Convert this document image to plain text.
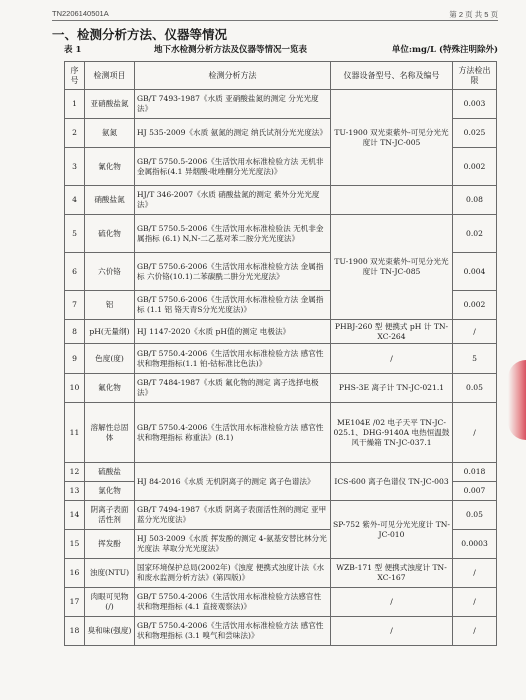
TN2206140501A	第 2 页 共 5 页
一、检测分析方法、仪器等情况
表 1	地下水检测分析方法及仪器等情况一览表	单位:mg/L (特殊注明除外)
序号	检测项目	检测分析方法	仪器设备型号、名称及编号	方法检出限
1	亚硝酸盐氮	GB/T 7493-1987《水质 亚硝酸盐氮的测定 分光光度法》	TU-1900 双光束紫外-可见分光光度计 TN-JC-005	0.003
2	氨氮	HJ 535-2009《水质 氨氮的测定 纳氏试剂分光光度法》		0.025
3	氰化物	GB/T 5750.5-2006《生活饮用水标准检验方法 无机非金属指标(4.1 异烟酸-吡唑酮分光光度法)》		0.002
4	硝酸盐氮	HJ/T 346-2007《水质 硝酸盐氮的测定 紫外分光光度法》		0.08
5	硫化物	GB/T 5750.5-2006《生活饮用水标准检验法 无机非金属指标 (6.1) N,N-二乙基对苯二胺分光光度法》	TU-1900 双光束紫外-可见分光光度计 TN-JC-085	0.02
6	六价铬	GB/T 5750.6-2006《生活饮用水标准检验方法 金属指标 六价铬(10.1)二苯碳酰二肼分光光度法》		0.004
7	铝	GB/T 5750.6-2006《生活饮用水标准检验方法 金属指标 (1.1 铝 铬天青S分光光度法)》		0.002
8	pH(无量纲)	HJ 1147-2020《水质 pH值的测定 电极法》	PHBJ-260 型 便携式 pH 计 TN-XC-264	/
9	色度(度)	GB/T 5750.4-2006《生活饮用水标准检验方法 感官性状和物理指标(1.1 铂-钴标准比色法)》	/	5
10	氟化物	GB/T 7484-1987《水质 氟化物的测定 离子选择电极法》	PHS-3E 离子计 TN-JC-021.1	0.05
11	溶解性总固体	GB/T 5750.4-2006《生活饮用水标准检验方法 感官性状和物理指标 称重法》(8.1)	ME104E /02 电子天平 TN-JC-025.1、DHG-9140A 电热恒温鼓风干燥箱 TN-JC-037.1	/
12	硫酸盐	HJ 84-2016《水质 无机阴离子的测定 离子色谱法》	ICS-600 离子色谱仪 TN-JC-003	0.018
13	氯化物			0.007
14	阴离子表面活性剂	GB/T 7494-1987《水质 阴离子表面活性剂的测定 亚甲蓝分光光度法》	SP-752 紫外-可见分光光度计 TN-JC-010	0.05
15	挥发酚	HJ 503-2009《水质 挥发酚的测定 4-氨基安替比林分光光度法 萃取分光光度法》		0.0003
16	浊度(NTU)	国家环境保护总局(2002年)《浊度 便携式浊度计法《水和废水监测分析方法》(第四版)》	WZB-171 型 便携式浊度计 TN-XC-167	/
17	肉眼可见物(/)	GB/T 5750.4-2006《生活饮用水标准检验方法感官性状和物理指标 (4.1 直接观察法)》	/	/
18	臭和味(强度)	GB/T 5750.4-2006《生活饮用水标准检验方法 感官性状和物理指标 (3.1 嗅气和尝味法)》	/	/
